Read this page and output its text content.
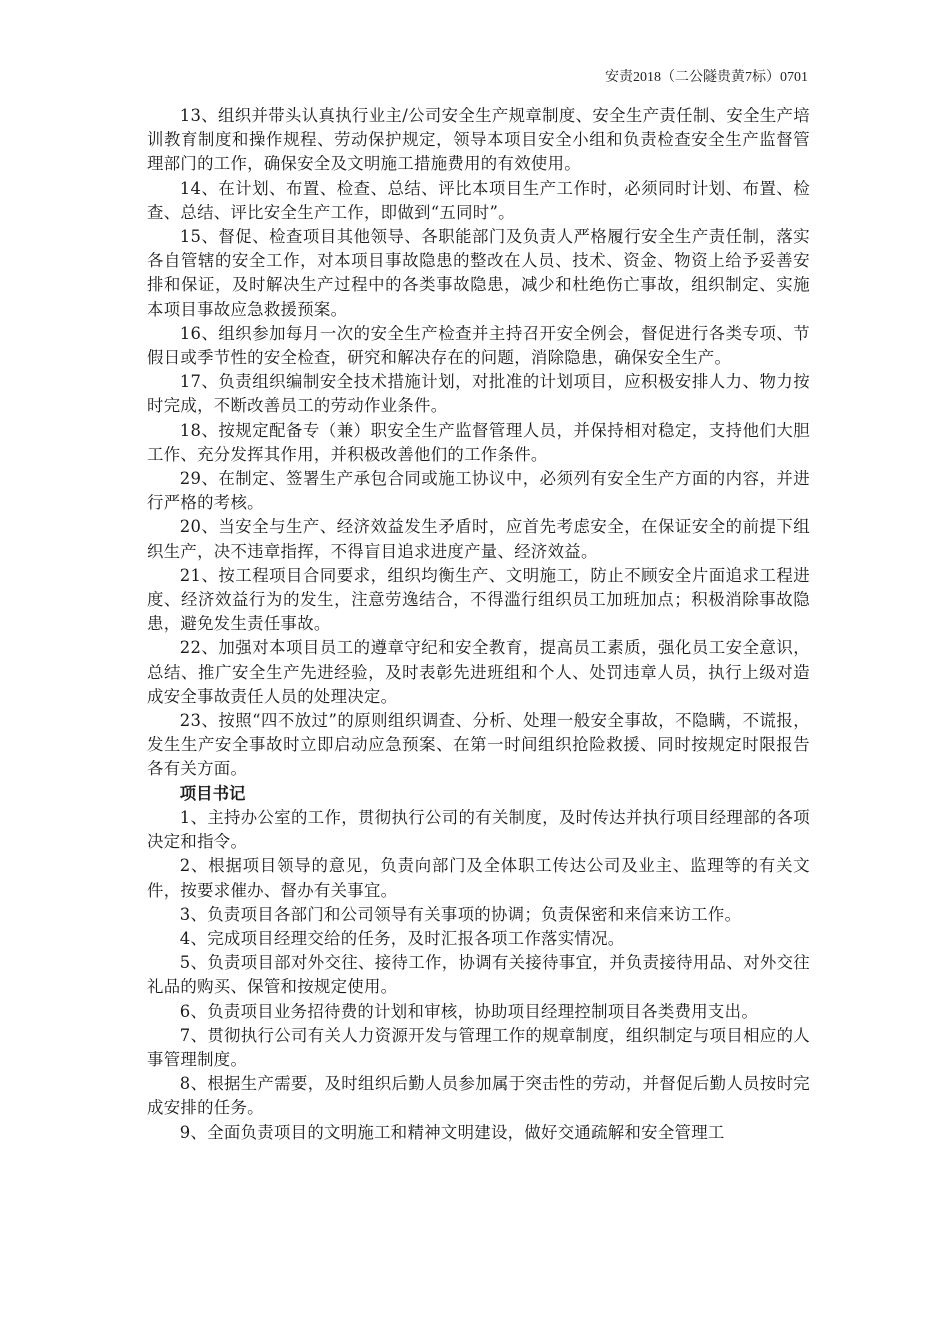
安责2018（二公隧贵黄7标）0701

13、组织并带头认真执行业主/公司安全生产规章制度、安全生产责任制、安全生产培训教育制度和操作规程、劳动保护规定，领导本项目安全小组和负责检查安全生产监督管理部门的工作，确保安全及文明施工措施费用的有效使用。

14、在计划、布置、检查、总结、评比本项目生产工作时，必须同时计划、布置、检查、总结、评比安全生产工作，即做到“五同时”。

15、督促、检查项目其他领导、各职能部门及负责人严格履行安全生产责任制，落实各自管辖的安全工作，对本项目事故隐患的整改在人员、技术、资金、物资上给予妥善安排和保证，及时解决生产过程中的各类事故隐患，减少和杜绝伤亡事故，组织制定、实施本项目事故应急救援预案。

16、组织参加每月一次的安全生产检查并主持召开安全例会，督促进行各类专项、节假日或季节性的安全检查，研究和解决存在的问题，消除隐患，确保安全生产。

17、负责组织编制安全技术措施计划，对批准的计划项目，应积极安排人力、物力按时完成，不断改善员工的劳动作业条件。

18、按规定配备专（兼）职安全生产监督管理人员，并保持相对稳定，支持他们大胆工作、充分发挥其作用，并积极改善他们的工作条件。

29、在制定、签署生产承包合同或施工协议中，必须列有安全生产方面的内容，并进行严格的考核。

20、当安全与生产、经济效益发生矛盾时，应首先考虑安全，在保证安全的前提下组织生产，决不违章指挥，不得盲目追求进度产量、经济效益。

21、按工程项目合同要求，组织均衡生产、文明施工，防止不顾安全片面追求工程进度、经济效益行为的发生，注意劳逸结合，不得滥行组织员工加班加点；积极消除事故隐患，避免发生责任事故。

22、加强对本项目员工的遵章守纪和安全教育，提高员工素质，强化员工安全意识，总结、推广安全生产先进经验，及时表彰先进班组和个人、处罚违章人员，执行上级对造成安全事故责任人员的处理决定。

23、按照“四不放过”的原则组织调查、分析、处理一般安全事故，不隐瞒，不谎报，发生生产安全事故时立即启动应急预案、在第一时间组织抢险救援、同时按规定时限报告各有关方面。

项目书记

1、主持办公室的工作，贯彻执行公司的有关制度，及时传达并执行项目经理部的各项决定和指令。

2、根据项目领导的意见，负责向部门及全体职工传达公司及业主、监理等的有关文件，按要求催办、督办有关事宜。

3、负责项目各部门和公司领导有关事项的协调；负责保密和来信来访工作。

4、完成项目经理交给的任务，及时汇报各项工作落实情况。

5、负责项目部对外交往、接待工作，协调有关接待事宜，并负责接待用品、对外交往礼品的购买、保管和按规定使用。

6、负责项目业务招待费的计划和审核，协助项目经理控制项目各类费用支出。

7、贯彻执行公司有关人力资源开发与管理工作的规章制度，组织制定与项目相应的人事管理制度。

8、根据生产需要，及时组织后勤人员参加属于突击性的劳动，并督促后勤人员按时完成安排的任务。

9、全面负责项目的文明施工和精神文明建设，做好交通疏解和安全管理工
